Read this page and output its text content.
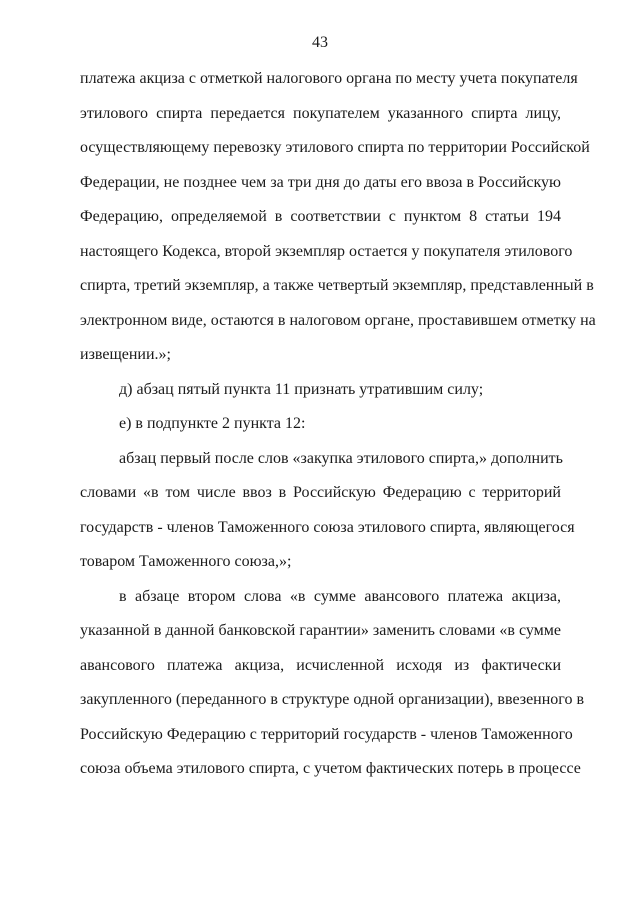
43
платежа акциза с отметкой налогового органа по месту учета покупателя
этилового спирта передается покупателем указанного спирта лицу,
осуществляющему перевозку этилового спирта по территории Российской
Федерации, не позднее чем за три дня до даты его ввоза в Российскую
Федерацию, определяемой в соответствии с пунктом 8 статьи 194
настоящего Кодекса, второй экземпляр остается у покупателя этилового
спирта, третий экземпляр, а также четвертый экземпляр, представленный в
электронном виде, остаются в налоговом органе, проставившем отметку на
извещении.»;
д) абзац пятый пункта 11 признать утратившим силу;
е) в подпункте 2 пункта 12:
абзац первый после слов «закупка этилового спирта,» дополнить
словами «в том числе ввоз в Российскую Федерацию с территорий
государств - членов Таможенного союза этилового спирта, являющегося
товаром Таможенного союза,»;
в абзаце втором слова «в сумме авансового платежа акциза,
указанной в данной банковской гарантии» заменить словами «в сумме
авансового платежа акциза, исчисленной исходя из фактически
закупленного (переданного в структуре одной организации), ввезенного в
Российскую Федерацию с территорий государств - членов Таможенного
союза объема этилового спирта, с учетом фактических потерь в процессе
